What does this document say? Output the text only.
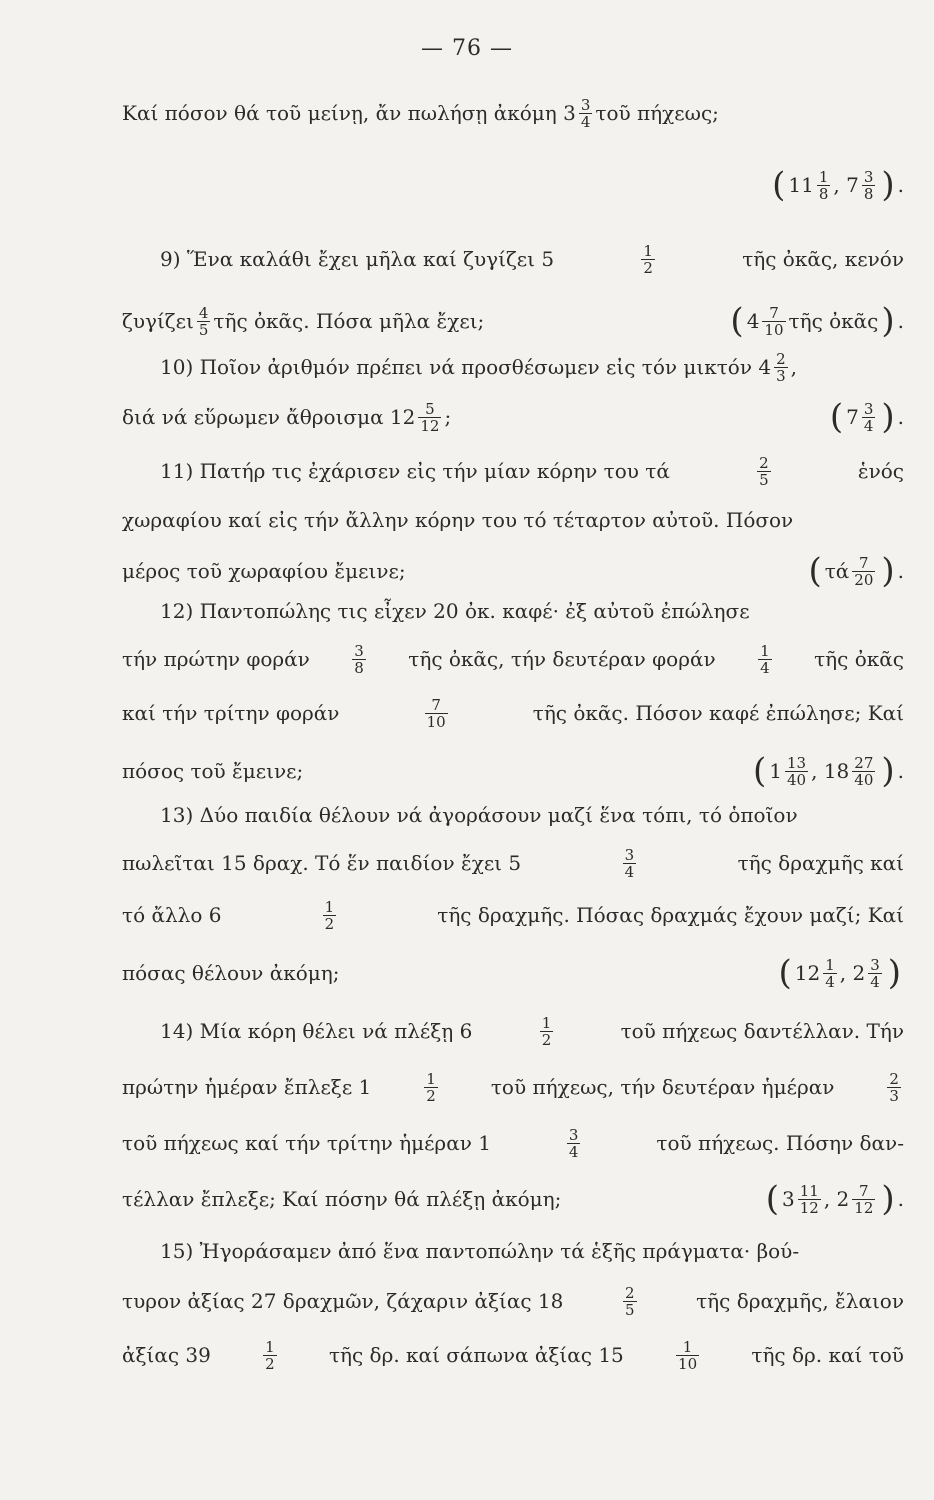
— 76 —
Καί πόσον θά τοῦ μείνῃ, ἄν πωλήσῃ ἀκόμη $3 \frac{3}{4}$ τοῦ πήχεως;
( $11 \frac{1}{8}$ , $7 \frac{3}{8}$ ) .
9) Ἕνα καλάθι ἔχει μῆλα καί ζυγίζει 5	$\frac{1}{2}$	τῆς ὀκᾶς, κενόν
ζυγίζει $\frac{4}{5}$ τῆς ὀκᾶς. Πόσα μῆλα ἔχει;	( $4 \frac{7}{10}$ τῆς ὀκᾶς ) .
10) Ποῖον ἀριθμόν πρέπει νά προσθέσωμεν εἰς τόν μικτόν $4 \frac{2}{3}$ ,
διά νά εὕρωμεν ἄθροισμα $12 \frac{5}{12}$ ;	( $7 \frac{3}{4}$ ) .
11) Πατήρ τις ἐχάρισεν εἰς τήν μίαν κόρην του τά	$\frac{2}{5}$	ἑνός
χωραφίου καί εἰς τήν ἄλλην κόρην του τό τέταρτον αὐτοῦ. Πόσον
μέρος τοῦ χωραφίου ἔμεινε;	( τά $\frac{7}{20}$ ) .
12) Παντοπώλης τις εἶχεν 20 ὀκ. καφέ· ἐξ αὐτοῦ ἐπώλησε
τήν πρώτην φοράν	$\frac{3}{8}$ τῆς ὀκᾶς, τήν δευτέραν φοράν	$\frac{1}{4}$ τῆς ὀκᾶς
καί τήν τρίτην φοράν	$\frac{7}{10}$	τῆς ὀκᾶς. Πόσον καφέ ἐπώλησε; Καί
πόσος τοῦ ἔμεινε;	( $1 \frac{13}{40}$ , $18 \frac{27}{40}$ ) .
13) Δύο παιδία θέλουν νά ἀγοράσουν μαζί ἕνα τόπι, τό ὁποῖον
πωλεῖται 15 δραχ. Τό ἕν παιδίον ἔχει 5	$\frac{3}{4}$	τῆς δραχμῆς καί
τό ἄλλο 6	$\frac{1}{2}$	τῆς δραχμῆς. Πόσας δραχμάς ἔχουν μαζί; Καί
πόσας θέλουν ἀκόμη;	( $12 \frac{1}{4}$ , $2 \frac{3}{4}$ )
14) Μία κόρη θέλει νά πλέξῃ 6	$\frac{1}{2}$	τοῦ πήχεως δαντέλλαν. Τήν
πρώτην ἡμέραν ἔπλεξε 1	$\frac{1}{2}$	τοῦ πήχεως, τήν δευτέραν ἡμέραν	$\frac{2}{3}$
τοῦ πήχεως καί τήν τρίτην ἡμέραν 1	$\frac{3}{4}$	τοῦ πήχεως. Πόσην δαν-
τέλλαν ἔπλεξε; Καί πόσην θά πλέξῃ ἀκόμη;	( $3 \frac{11}{12}$ , $2 \frac{7}{12}$ ) .
15) Ἠγοράσαμεν ἀπό ἕνα παντοπώλην τά ἑξῆς πράγματα· βού-
τυρον ἀξίας 27 δραχμῶν, ζάχαριν ἀξίας 18	$\frac{2}{5}$	τῆς δραχμῆς, ἔλαιον
ἀξίας 39	$\frac{1}{2}$	τῆς δρ. καί σάπωνα ἀξίας 15	$\frac{1}{10}$	τῆς δρ. καί τοῦ
